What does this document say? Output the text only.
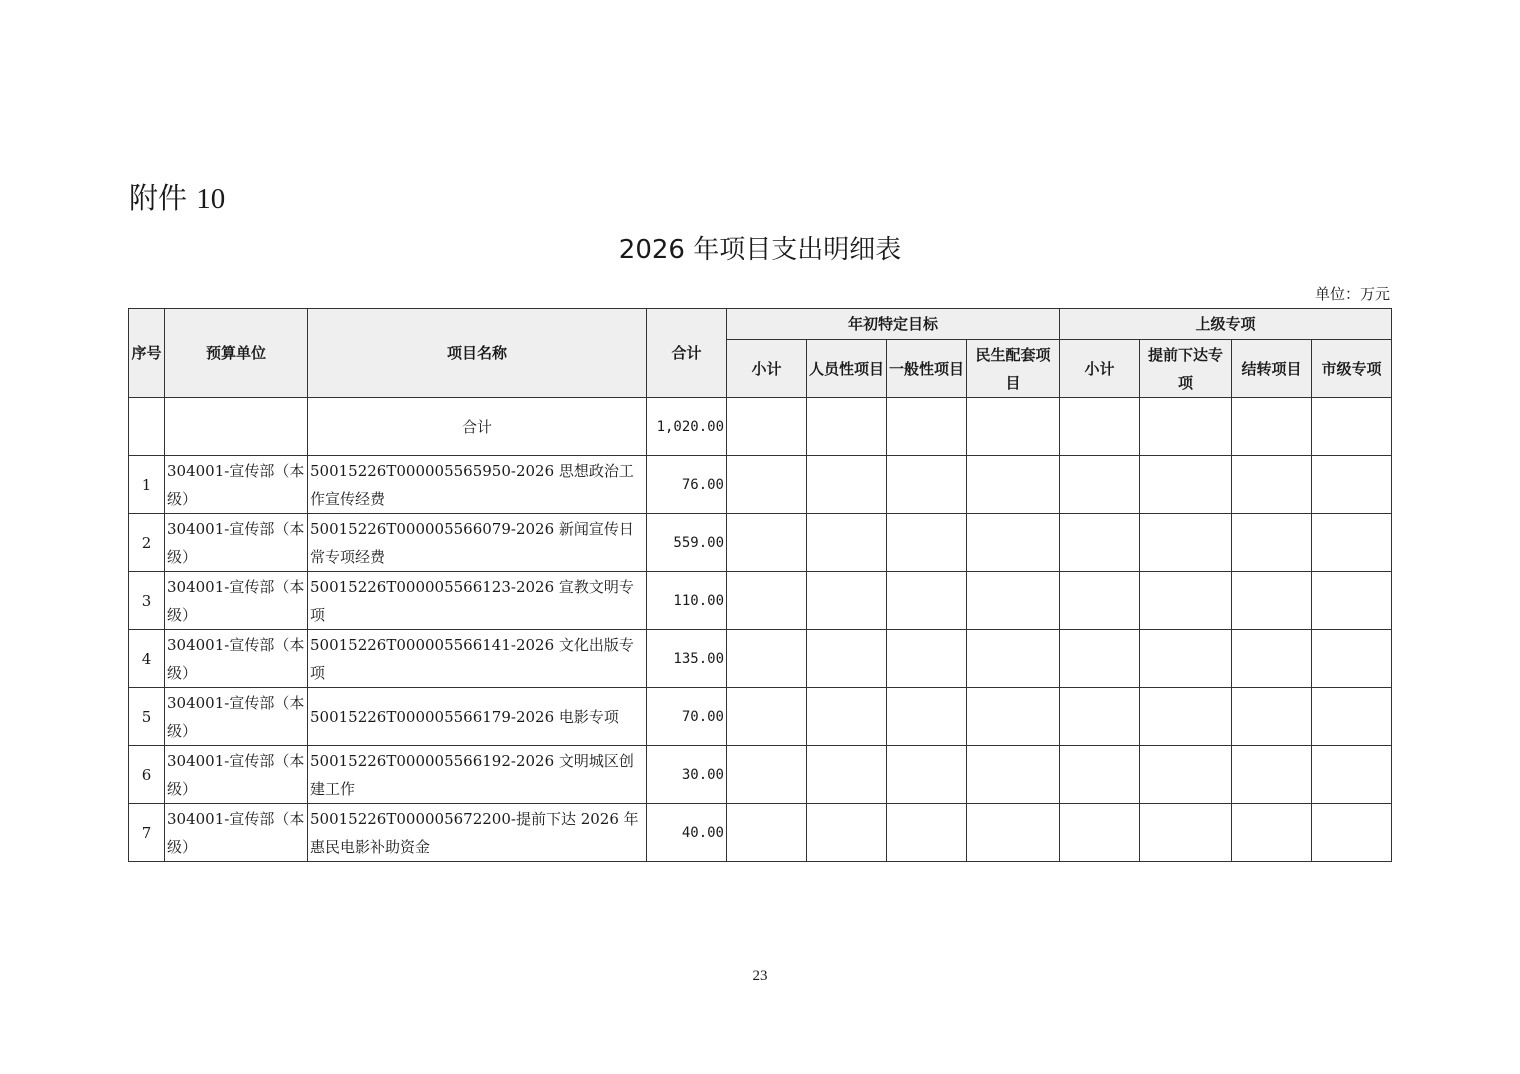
附件 10
2026 年项目支出明细表
单位：万元
序号	预算单位	项目名称	合计	年初特定目标				上级专项			
				小计	人员性项目	一般性项目	民生配套项目	小计	提前下达专项	结转项目	市级专项
		合计	1,020.00								
1	304001-宣传部（本级）	50015226T000005565950-2026 思想政治工作宣传经费	76.00								
2	304001-宣传部（本级）	50015226T000005566079-2026 新闻宣传日常专项经费	559.00								
3	304001-宣传部（本级）	50015226T000005566123-2026 宣教文明专项	110.00								
4	304001-宣传部（本级）	50015226T000005566141-2026 文化出版专项	135.00								
5	304001-宣传部（本级）	50015226T000005566179-2026 电影专项	70.00								
6	304001-宣传部（本级）	50015226T000005566192-2026 文明城区创建工作	30.00								
7	304001-宣传部（本级）	50015226T000005672200-提前下达 2026 年惠民电影补助资金	40.00								
23
